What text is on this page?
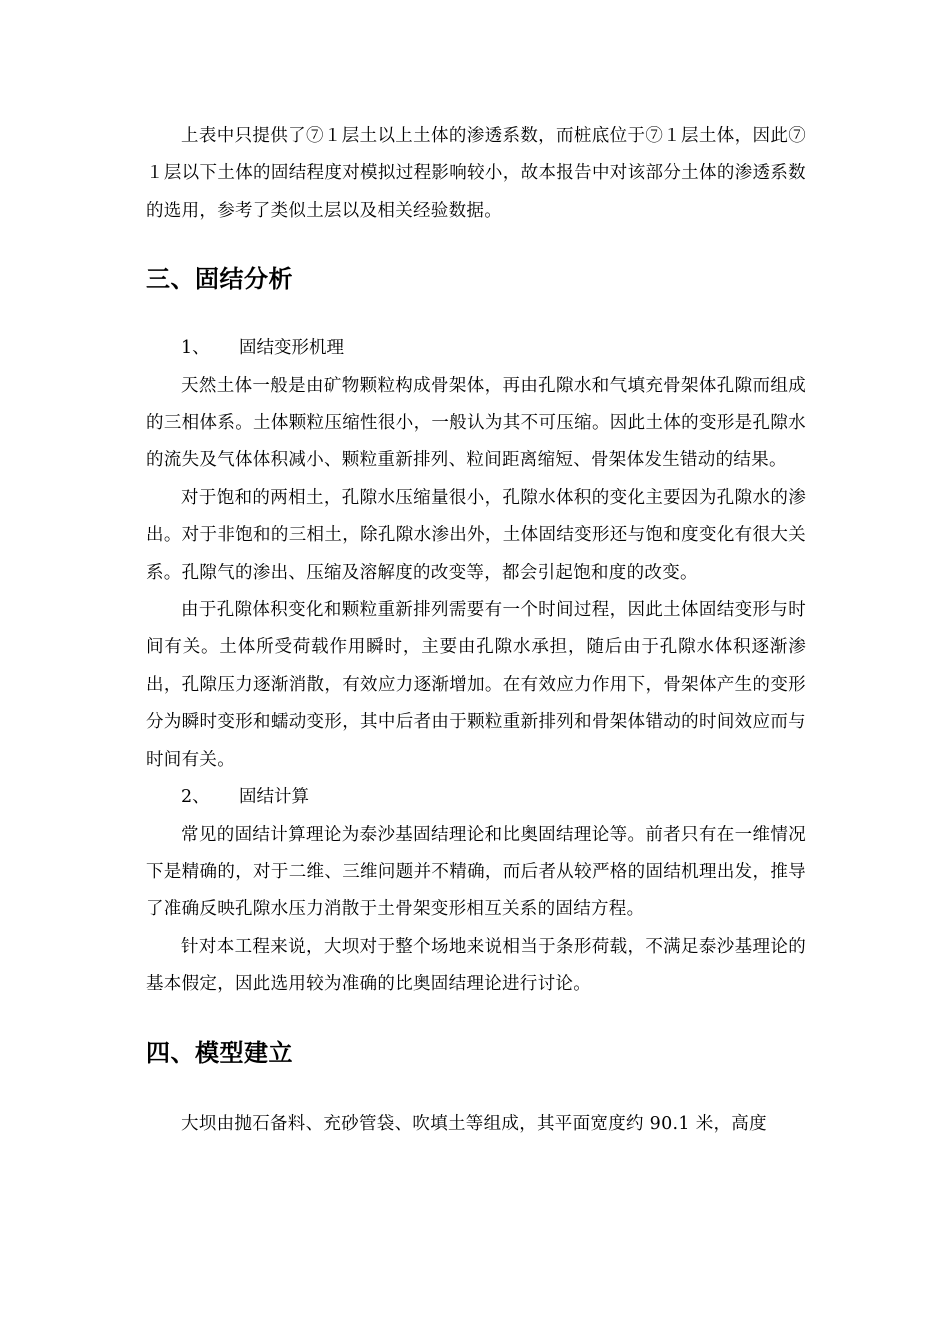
上表中只提供了⑦１层土以上土体的渗透系数，而桩底位于⑦１层土体，因此⑦１层以下土体的固结程度对模拟过程影响较小，故本报告中对该部分土体的渗透系数的选用，参考了类似土层以及相关经验数据。

三、固结分析
1、	固结变形机理

天然土体一般是由矿物颗粒构成骨架体，再由孔隙水和气填充骨架体孔隙而组成的三相体系。土体颗粒压缩性很小，一般认为其不可压缩。因此土体的变形是孔隙水的流失及气体体积减小、颗粒重新排列、粒间距离缩短、骨架体发生错动的结果。

对于饱和的两相土，孔隙水压缩量很小，孔隙水体积的变化主要因为孔隙水的渗出。对于非饱和的三相土，除孔隙水渗出外，土体固结变形还与饱和度变化有很大关系。孔隙气的渗出、压缩及溶解度的改变等，都会引起饱和度的改变。

由于孔隙体积变化和颗粒重新排列需要有一个时间过程，因此土体固结变形与时间有关。土体所受荷载作用瞬时，主要由孔隙水承担，随后由于孔隙水体积逐渐渗出，孔隙压力逐渐消散，有效应力逐渐增加。在有效应力作用下，骨架体产生的变形分为瞬时变形和蠕动变形，其中后者由于颗粒重新排列和骨架体错动的时间效应而与时间有关。

2、	固结计算

常见的固结计算理论为泰沙基固结理论和比奥固结理论等。前者只有在一维情况下是精确的，对于二维、三维问题并不精确，而后者从较严格的固结机理出发，推导了准确反映孔隙水压力消散于土骨架变形相互关系的固结方程。

针对本工程来说，大坝对于整个场地来说相当于条形荷载，不满足泰沙基理论的基本假定，因此选用较为准确的比奥固结理论进行讨论。

四、模型建立

大坝由抛石备料、充砂管袋、吹填土等组成，其平面宽度约 90.1 米，高度
